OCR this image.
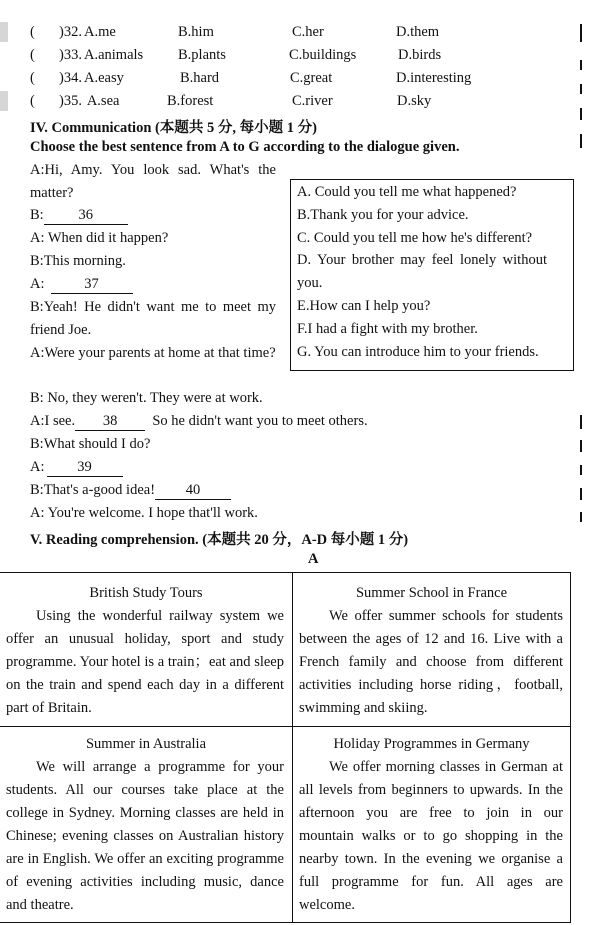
( )32. A.me	B.him	C.her	D.them
( )33. A.animals B.plants	C.buildings	D.birds
( )34. A.easy	B.hard	C.great	D.interesting
( )35. A.sea	B.forest	C.river	D.sky
IV. Communication (本题共 5 分, 每小题 1 分)
Choose the best sentence from A to G according to the dialogue given.
A:Hi, Amy. You look sad. What's the matter?
B: 36
A: When did it happen?
B:This morning.
A:	37
B:Yeah! He didn't want me to meet my friend Joe.
A:Were your parents at home at that time?
B: No, they weren't. They were at work.
A:I see. 38 So he didn't want you to meet others.
B:What should I do?
A: 39
B:That's a-good idea! 40
A: You're welcome. I hope that'll work.
A. Could you tell me what happened?
B.Thank you for your advice.
C. Could you tell me how he's different?
D. Your brother may feel lonely without you.
E.How can I help you?
F.I had a fight with my brother.
G. You can introduce him to your friends.
V. Reading comprehension. (本题共 20 分，A-D 每小题 1 分)
A
British Study Tours
Using the wonderful railway system we offer an unusual holiday, sport and study programme. Your hotel is a train；eat and sleep on the train and spend each day in a different part of Britain.
Summer School in France
We offer summer schools for students between the ages of 12 and 16. Live with a French family and choose from different activities including horse riding，football, swimming and skiing.
Summer in Australia
We will arrange a programme for your students. All our courses take place at the college in Sydney. Morning classes are held in Chinese; evening classes on Australian history are in English. We offer an exciting programme of evening activities including music, dance and theatre.
Holiday Programmes in Germany
We offer morning classes in German at all levels from beginners to upwards. In the afternoon you are free to join in our mountain walks or to go shopping in the nearby town. In the evening we organise a full programme for fun. All ages are welcome.
